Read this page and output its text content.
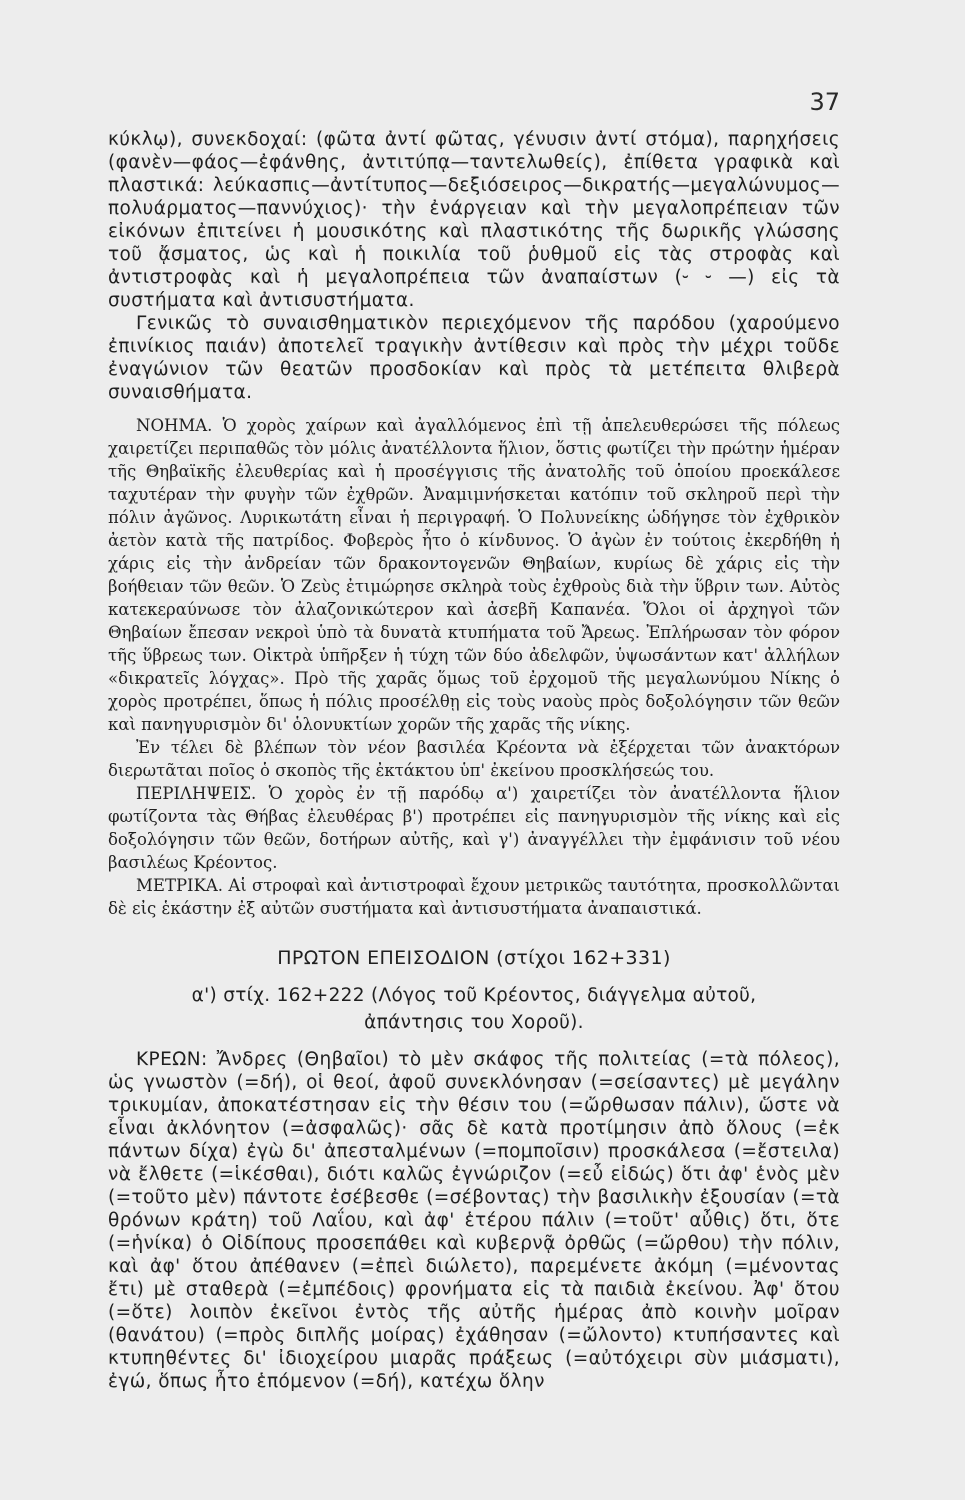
37

κύκλῳ), συνεκδοχαί: (φῶτα ἀντί φῶτας, γένυσιν ἀντί στόμα), παρηχήσεις (φανὲν—φάος—ἐφάνθης, ἀντιτύπᾳ—ταντελωθείς), ἐπίθετα γραφικὰ καὶ πλαστικά: λεύκασπις—ἀντίτυπος—δεξιόσειρος—δικρατής—μεγαλώνυμος—πολυάρματος—παννύχιος)· τὴν ἐνάργειαν καὶ τὴν μεγαλοπρέπειαν τῶν εἰκόνων ἐπιτείνει ἡ μουσικότης καὶ πλαστικότης τῆς δωρικῆς γλώσσης τοῦ ᾄσματος, ὡς καὶ ἡ ποικιλία τοῦ ῥυθμοῦ εἰς τὰς στροφὰς καὶ ἀντιστροφὰς καὶ ἡ μεγαλοπρέπεια τῶν ἀναπαίστων (⏑ ⏑ —) εἰς τὰ συστήματα καὶ ἀντισυστήματα.

Γενικῶς τὸ συναισθηματικὸν περιεχόμενον τῆς παρόδου (χαρούμενο ἐπινίκιος παιάν) ἀποτελεῖ τραγικὴν ἀντίθεσιν καὶ πρὸς τὴν μέχρι τοῦδε ἐναγώνιον τῶν θεατῶν προσδοκίαν καὶ πρὸς τὰ μετέπειτα θλιβερὰ συναισθήματα.

ΝΟΗΜΑ. Ὁ χορὸς χαίρων καὶ ἀγαλλόμενος ἐπὶ τῇ ἀπελευθερώσει τῆς πόλεως χαιρετίζει περιπαθῶς τὸν μόλις ἀνατέλλοντα ἥλιον, ὅστις φωτίζει τὴν πρώτην ἡμέραν τῆς Θηβαϊκῆς ἐλευθερίας καὶ ἡ προσέγγισις τῆς ἀνατολῆς τοῦ ὁποίου προεκάλεσε ταχυτέραν τὴν φυγὴν τῶν ἐχθρῶν. Ἀναμιμνήσκεται κατόπιν τοῦ σκληροῦ περὶ τὴν πόλιν ἀγῶνος. Λυρικωτάτη εἶναι ἡ περιγραφή. Ὁ Πολυνείκης ὡδήγησε τὸν ἐχθρικὸν ἀετὸν κατὰ τῆς πατρίδος. Φοβερὸς ἦτο ὁ κίνδυνος. Ὁ ἀγὼν ἐν τούτοις ἐκερδήθη ἡ χάρις εἰς τὴν ἀνδρείαν τῶν δρακοντογενῶν Θηβαίων, κυρίως δὲ χάρις εἰς τὴν βοήθειαν τῶν θεῶν. Ὁ Ζεὺς ἐτιμώρησε σκληρὰ τοὺς ἐχθροὺς διὰ τὴν ὕβριν των. Αὐτὸς κατεκεραύνωσε τὸν ἀλαζονικώτερον καὶ ἀσεβῆ Καπανέα. Ὅλοι οἱ ἀρχηγοὶ τῶν Θηβαίων ἔπεσαν νεκροὶ ὑπὸ τὰ δυνατὰ κτυπήματα τοῦ Ἄρεως. Ἐπλήρωσαν τὸν φόρον τῆς ὕβρεως των. Οἰκτρὰ ὑπῆρξεν ἡ τύχη τῶν δύο ἀδελφῶν, ὑψωσάντων κατ' ἀλλήλων «δικρατεῖς λόγχας». Πρὸ τῆς χαρᾶς ὅμως τοῦ ἐρχομοῦ τῆς μεγαλωνύμου Νίκης ὁ χορὸς προτρέπει, ὅπως ἡ πόλις προσέλθῃ εἰς τοὺς ναοὺς πρὸς δοξολόγησιν τῶν θεῶν καὶ πανηγυρισμὸν δι' ὁλονυκτίων χορῶν τῆς χαρᾶς τῆς νίκης.

Ἐν τέλει δὲ βλέπων τὸν νέον βασιλέα Κρέοντα νὰ ἐξέρχεται τῶν ἀνακτόρων διερωτᾶται ποῖος ὁ σκοπὸς τῆς ἐκτάκτου ὑπ' ἐκείνου προσκλήσεώς του.

ΠΕΡΙΛΗΨΕΙΣ. Ὁ χορὸς ἐν τῇ παρόδῳ α') χαιρετίζει τὸν ἀνατέλλοντα ἥλιον φωτίζοντα τὰς Θήβας ἐλευθέρας β') προτρέπει εἰς πανηγυρισμὸν τῆς νίκης καὶ εἰς δοξολόγησιν τῶν θεῶν, δοτήρων αὐτῆς, καὶ γ') ἀναγγέλλει τὴν ἐμφάνισιν τοῦ νέου βασιλέως Κρέοντος.

ΜΕΤΡΙΚΑ. Αἱ στροφαὶ καὶ ἀντιστροφαὶ ἔχουν μετρικῶς ταυτότητα, προσκολλῶνται δὲ εἰς ἑκάστην ἐξ αὐτῶν συστήματα καὶ ἀντισυστήματα ἀναπαιστικά.

ΠΡΩΤΟΝ ΕΠΕΙΣΟΔΙΟΝ (στίχοι 162+331)

α') στίχ. 162+222 (Λόγος τοῦ Κρέοντος, διάγγελμα αὐτοῦ,

ἀπάντησις του Χοροῦ).

ΚΡΕΩΝ: Ἄνδρες (Θηβαῖοι) τὸ μὲν σκάφος τῆς πολιτείας (=τὰ πόλεος), ὡς γνωστὸν (=δή), οἱ θεοί, ἀφοῦ συνεκλόνησαν (=σείσαντες) μὲ μεγάλην τρικυμίαν, ἀποκατέστησαν εἰς τὴν θέσιν του (=ὤρθωσαν πάλιν), ὥστε νὰ εἶναι ἀκλόνητον (=ἀσφαλῶς)· σᾶς δὲ κατὰ προτίμησιν ἀπὸ ὅλους (=ἐκ πάντων δίχα) ἐγὼ δι' ἀπεσταλμένων (=πομποῖσιν) προσκάλεσα (=ἔστειλα) νὰ ἔλθετε (=ἱκέσθαι), διότι καλῶς ἐγνώριζον (=εὖ εἰδώς) ὅτι ἀφ' ἑνὸς μὲν (=τοῦτο μὲν) πάντοτε ἐσέβεσθε (=σέβοντας) τὴν βασιλικὴν ἐξουσίαν (=τὰ θρόνων κράτη) τοῦ Λαΐου, καὶ ἀφ' ἑτέρου πάλιν (=τοῦτ' αὖθις) ὅτι, ὅτε (=ἡνίκα) ὁ Οἰδίπους προσεπάθει καὶ κυβερνᾷ ὀρθῶς (=ὤρθου) τὴν πόλιν, καὶ ἀφ' ὅτου ἀπέθανεν (=ἐπεὶ διώλετο), παρεμένετε ἀκόμη (=μένοντας ἔτι) μὲ σταθερὰ (=ἐμπέδοις) φρονήματα εἰς τὰ παιδιὰ ἐκείνου. Ἀφ' ὅτου (=ὅτε) λοιπὸν ἐκεῖνοι ἐντὸς τῆς αὐτῆς ἡμέρας ἀπὸ κοινὴν μοῖραν (θανάτου) (=πρὸς διπλῆς μοίρας) ἐχάθησαν (=ὤλοντο) κτυπήσαντες καὶ κτυπηθέντες δι' ἰδιοχείρου μιαρᾶς πράξεως (=αὐτόχειρι σὺν μιάσματι), ἐγώ, ὅπως ἦτο ἑπόμενον (=δή), κατέχω ὅλην
